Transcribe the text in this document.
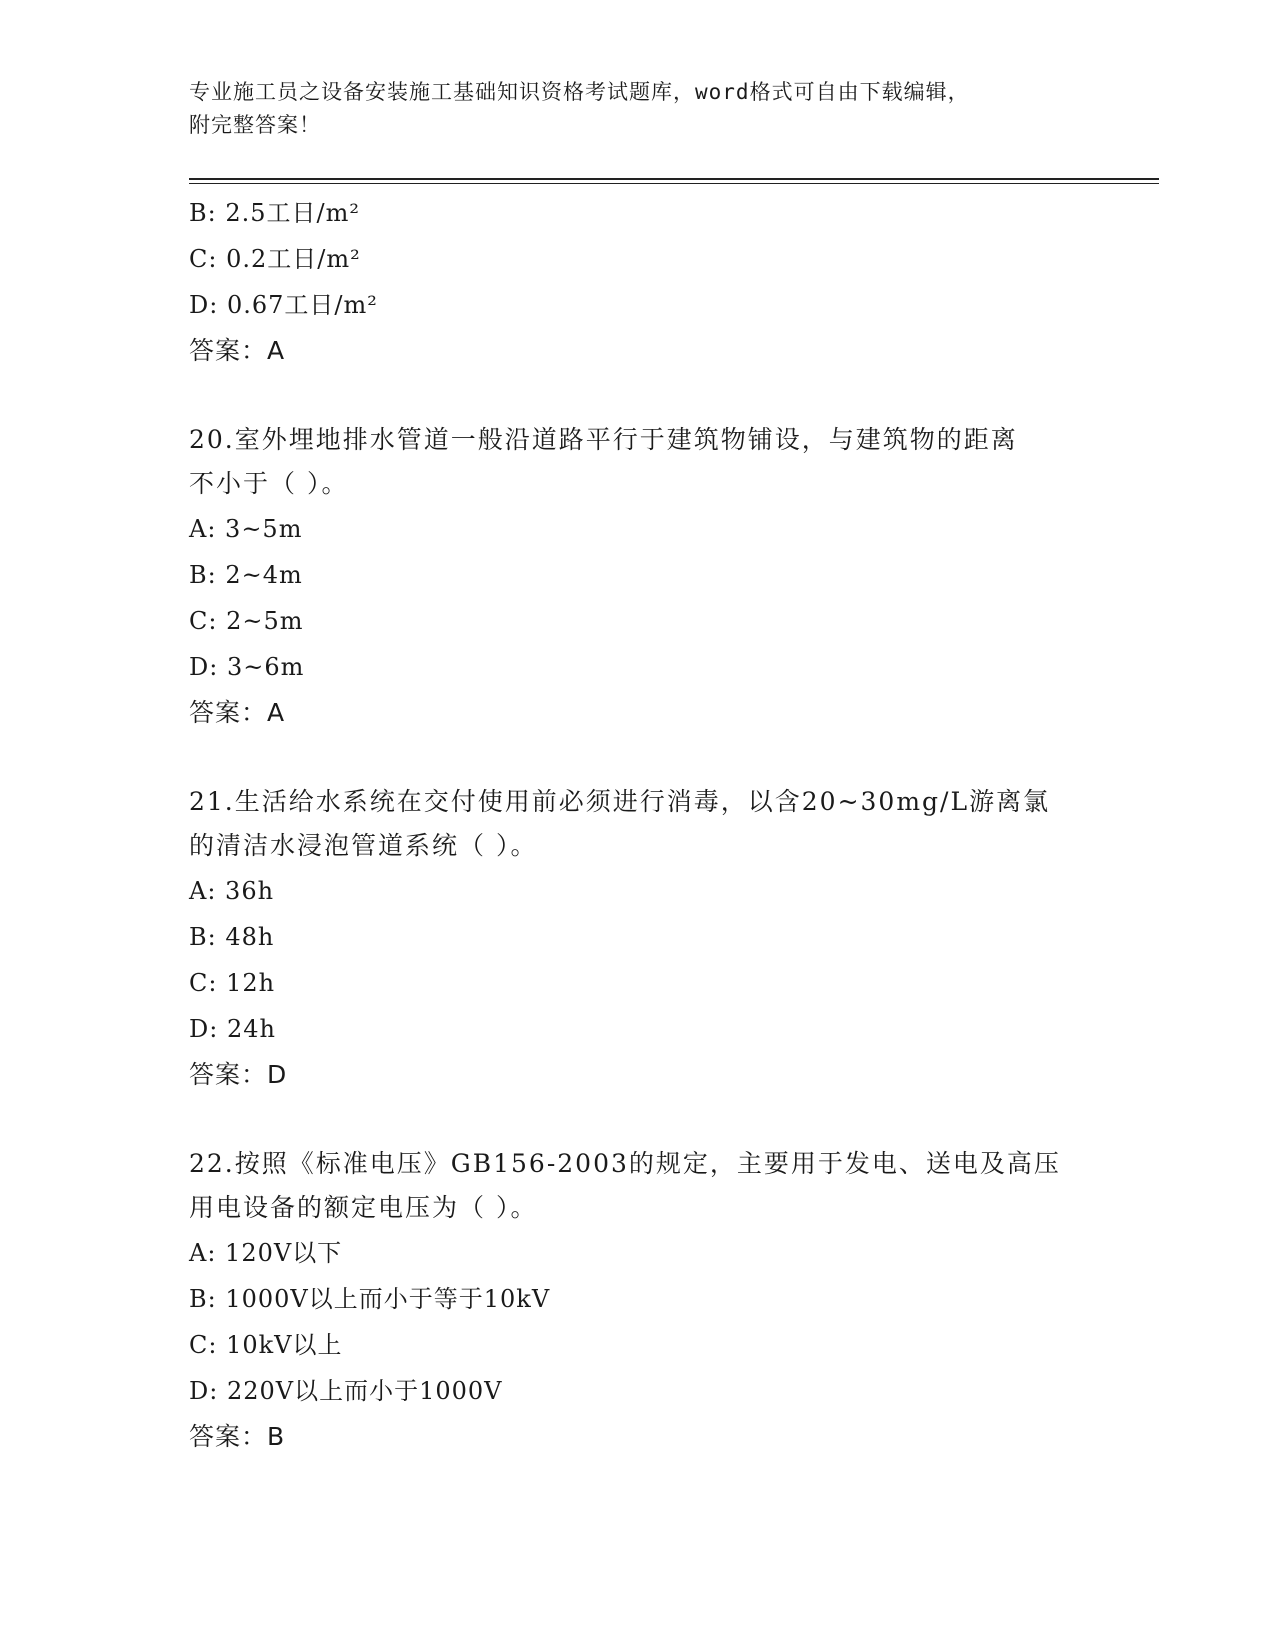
专业施工员之设备安装施工基础知识资格考试题库，word格式可自由下载编辑，
附完整答案！
B: 2.5工日/m²
C: 0.2工日/m²
D: 0.67工日/m²
答案：A
20.室外埋地排水管道一般沿道路平行于建筑物铺设，与建筑物的距离
不小于（ ）。
A: 3~5m
B: 2~4m
C: 2~5m
D: 3~6m
答案：A
21.生活给水系统在交付使用前必须进行消毒，以含20~30mg/L游离氯
的清洁水浸泡管道系统（ ）。
A: 36h
B: 48h
C: 12h
D: 24h
答案：D
22.按照《标准电压》GB156-2003的规定，主要用于发电、送电及高压
用电设备的额定电压为（ ）。
A: 120V以下
B: 1000V以上而小于等于10kV
C: 10kV以上
D: 220V以上而小于1000V
答案：B
